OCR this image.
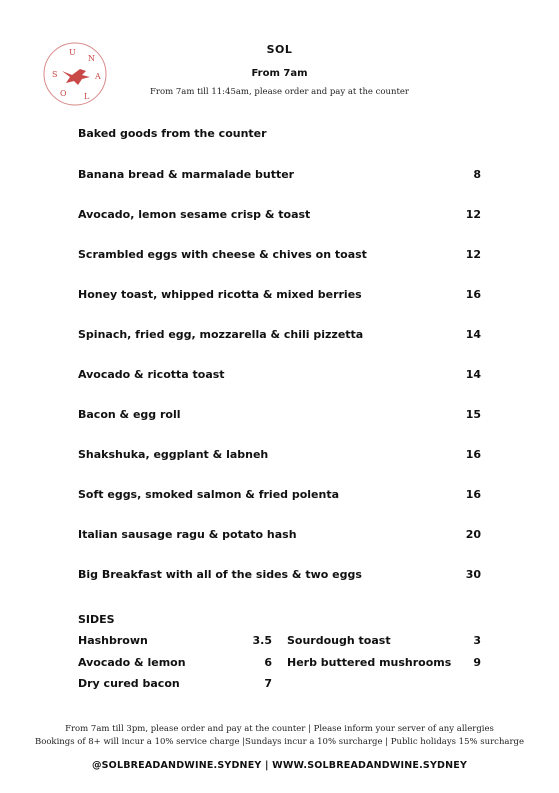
S
U
N
A
L
O
SOL
From 7am
From 7am till 11:45am, please order and pay at the counter
Baked goods from the counter
Banana bread & marmalade butter	8
Avocado, lemon sesame crisp & toast	12
Scrambled eggs with cheese & chives on toast	12
Honey toast, whipped ricotta & mixed berries	16
Spinach, fried egg, mozzarella & chili pizzetta	14
Avocado & ricotta toast	14
Bacon & egg roll	15
Shakshuka, eggplant & labneh	16
Soft eggs, smoked salmon & fried polenta	16
Italian sausage ragu & potato hash	20
Big Breakfast with all of the sides & two eggs	30
SIDES
Hashbrown	3.5
Avocado & lemon	6
Dry cured bacon	7
Sourdough toast	3
Herb buttered mushrooms 9
From 7am till 3pm, please order and pay at the counter | Please inform your server of any allergies
Bookings of 8+ will incur a 10% service charge |Sundays incur a 10% surcharge | Public holidays 15% surcharge
@SOLBREADANDWINE.SYDNEY | WWW.SOLBREADANDWINE.SYDNEY
